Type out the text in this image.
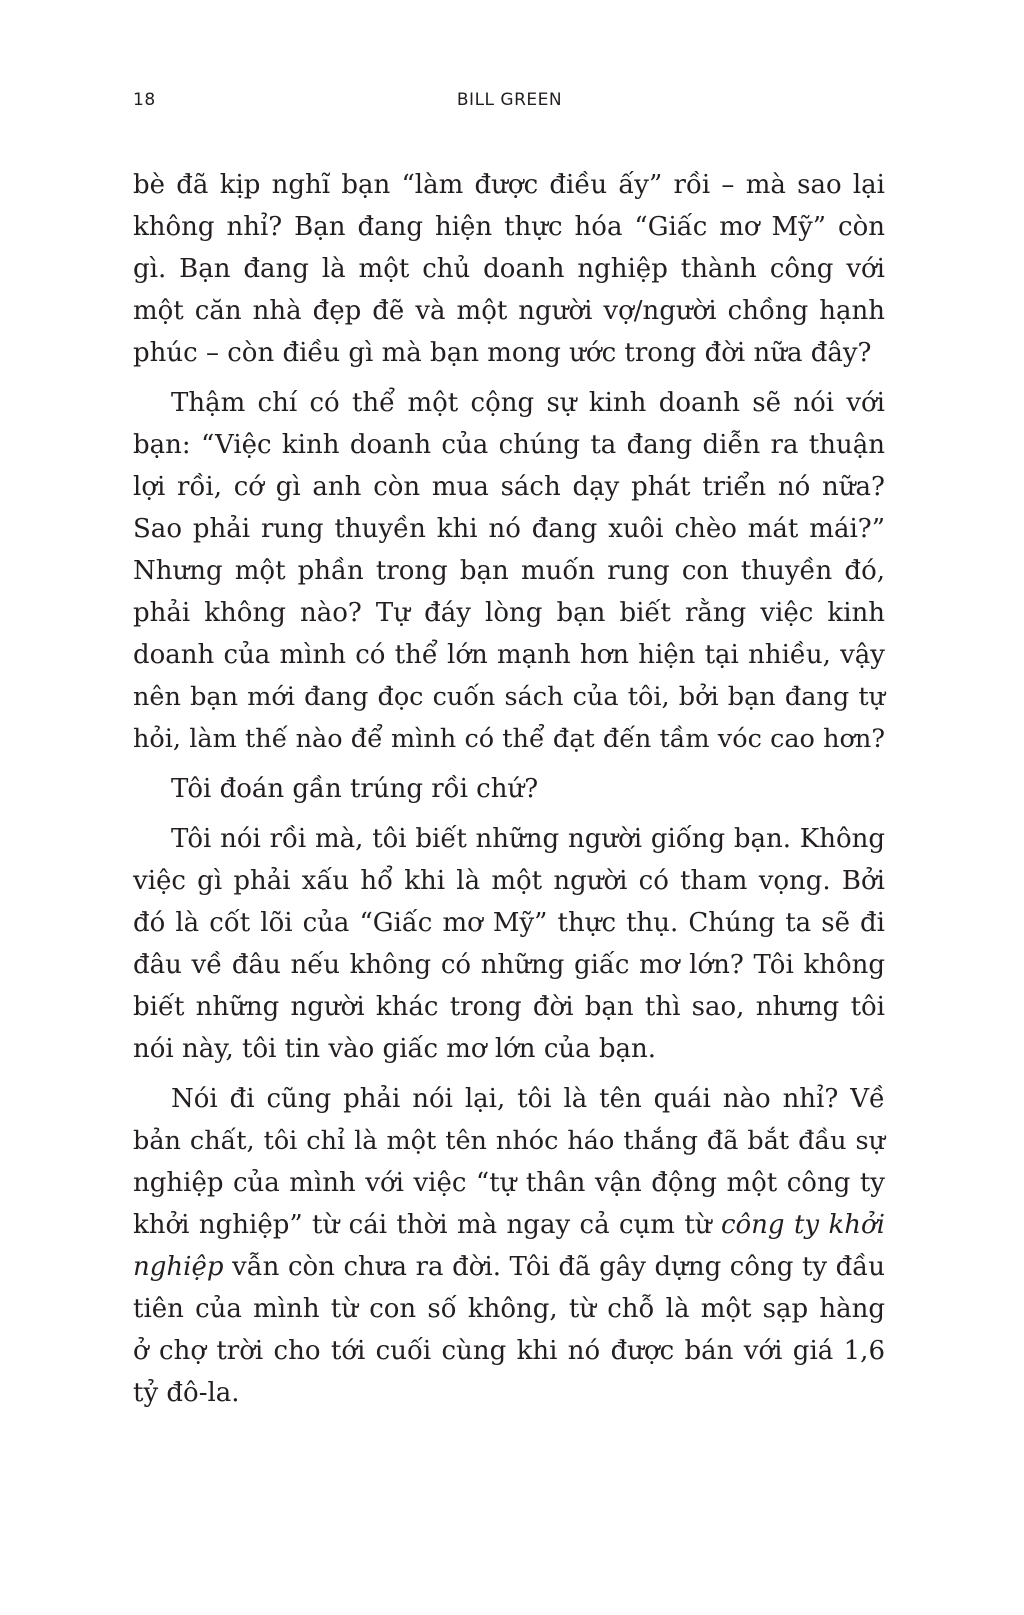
18	BILL GREEN
bè đã kịp nghĩ bạn “làm được điều ấy” rồi – mà sao lại
không nhỉ? Bạn đang hiện thực hóa “Giấc mơ Mỹ” còn
gì. Bạn đang là một chủ doanh nghiệp thành công với
một căn nhà đẹp đẽ và một người vợ/người chồng hạnh
phúc – còn điều gì mà bạn mong ước trong đời nữa đây?
Thậm chí có thể một cộng sự kinh doanh sẽ nói với
bạn: “Việc kinh doanh của chúng ta đang diễn ra thuận
lợi rồi, cớ gì anh còn mua sách dạy phát triển nó nữa?
Sao phải rung thuyền khi nó đang xuôi chèo mát mái?”
Nhưng một phần trong bạn muốn rung con thuyền đó,
phải không nào? Tự đáy lòng bạn biết rằng việc kinh
doanh của mình có thể lớn mạnh hơn hiện tại nhiều, vậy
nên bạn mới đang đọc cuốn sách của tôi, bởi bạn đang tự
hỏi, làm thế nào để mình có thể đạt đến tầm vóc cao hơn?
Tôi đoán gần trúng rồi chứ?
Tôi nói rồi mà, tôi biết những người giống bạn. Không
việc gì phải xấu hổ khi là một người có tham vọng. Bởi
đó là cốt lõi của “Giấc mơ Mỹ” thực thụ. Chúng ta sẽ đi
đâu về đâu nếu không có những giấc mơ lớn? Tôi không
biết những người khác trong đời bạn thì sao, nhưng tôi
nói này, tôi tin vào giấc mơ lớn của bạn.
Nói đi cũng phải nói lại, tôi là tên quái nào nhỉ? Về
bản chất, tôi chỉ là một tên nhóc háo thắng đã bắt đầu sự
nghiệp của mình với việc “tự thân vận động một công ty
khởi nghiệp” từ cái thời mà ngay cả cụm từ công ty khởi
nghiệp vẫn còn chưa ra đời. Tôi đã gây dựng công ty đầu
tiên của mình từ con số không, từ chỗ là một sạp hàng
ở chợ trời cho tới cuối cùng khi nó được bán với giá 1,6
tỷ đô-la.
